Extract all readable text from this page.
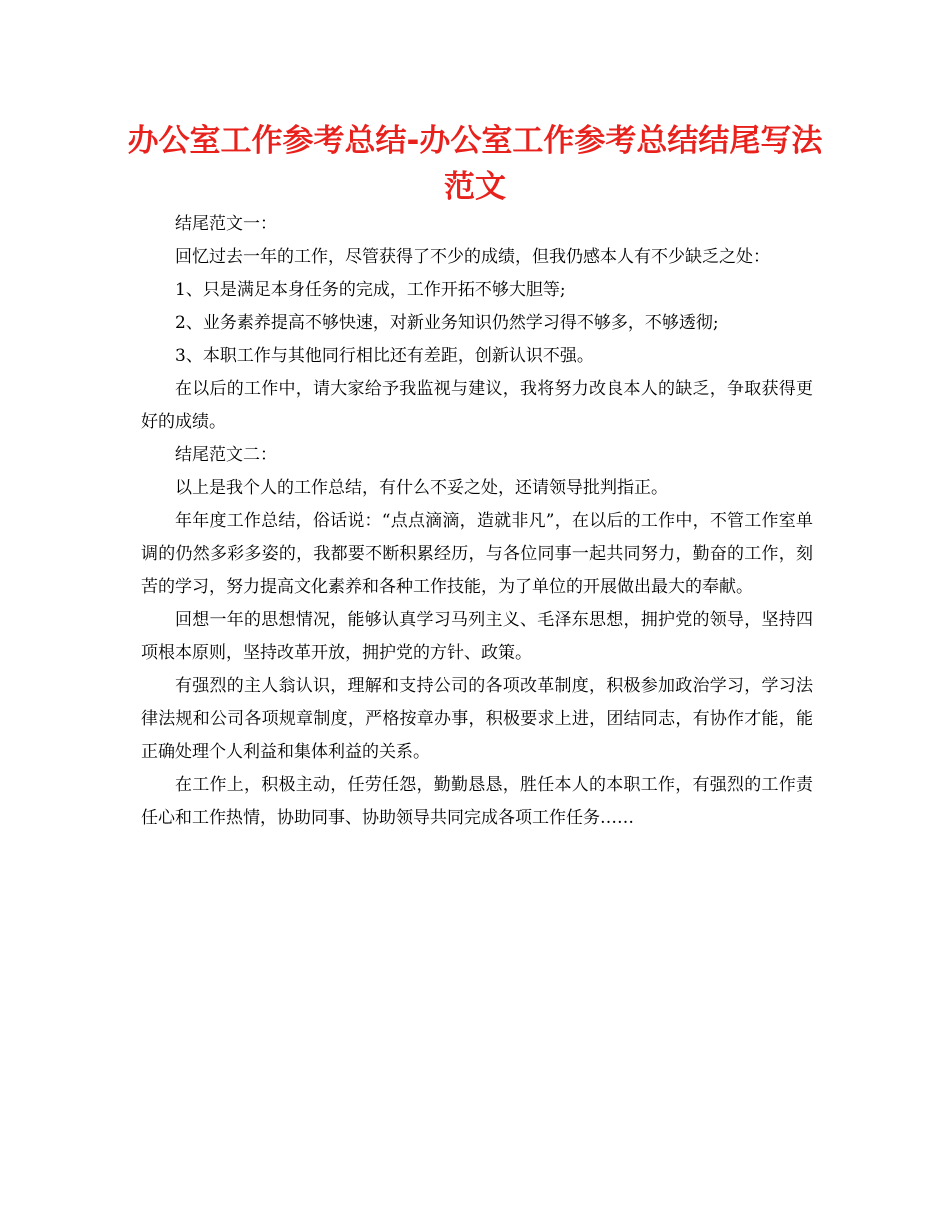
办公室工作参考总结-办公室工作参考总结结尾写法范文

结尾范文一：

回忆过去一年的工作，尽管获得了不少的成绩，但我仍感本人有不少缺乏之处：

1、只是满足本身任务的完成，工作开拓不够大胆等;

2、业务素养提高不够快速，对新业务知识仍然学习得不够多，不够透彻;

3、本职工作与其他同行相比还有差距，创新认识不强。

在以后的工作中，请大家给予我监视与建议，我将努力改良本人的缺乏，争取获得更好的成绩。

结尾范文二：

以上是我个人的工作总结，有什么不妥之处，还请领导批判指正。

年年度工作总结，俗话说：“点点滴滴，造就非凡”，在以后的工作中，不管工作室单调的仍然多彩多姿的，我都要不断积累经历，与各位同事一起共同努力，勤奋的工作，刻苦的学习，努力提高文化素养和各种工作技能，为了单位的开展做出最大的奉献。

回想一年的思想情况，能够认真学习马列主义、毛泽东思想，拥护党的领导，坚持四项根本原则，坚持改革开放，拥护党的方针、政策。

有强烈的主人翁认识，理解和支持公司的各项改革制度，积极参加政治学习，学习法律法规和公司各项规章制度，严格按章办事，积极要求上进，团结同志，有协作才能，能正确处理个人利益和集体利益的关系。

在工作上，积极主动，任劳任怨，勤勤恳恳，胜任本人的本职工作，有强烈的工作责任心和工作热情，协助同事、协助领导共同完成各项工作任务……
